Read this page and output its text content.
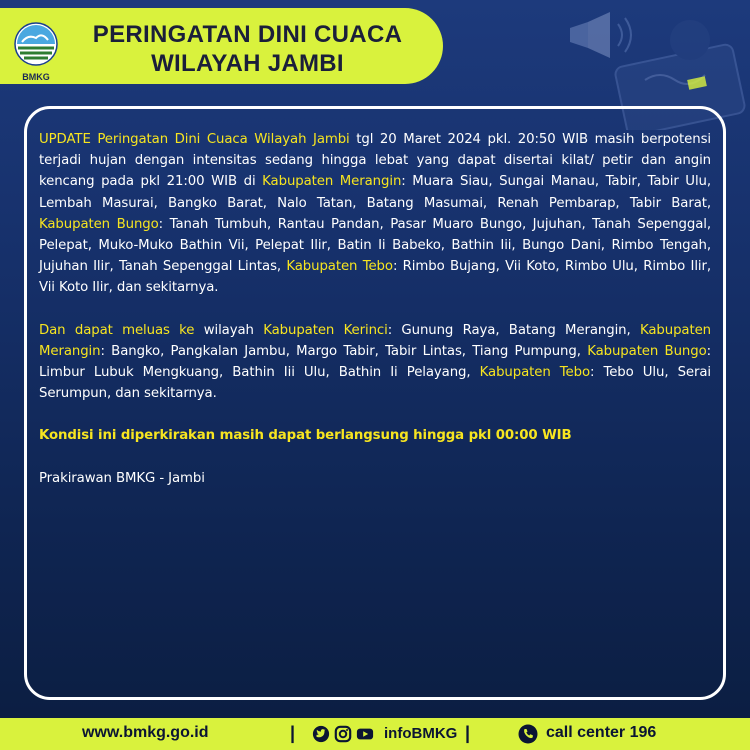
BMKG
PERINGATAN DINI CUACA
WILAYAH JAMBI

UPDATE Peringatan Dini Cuaca Wilayah Jambi tgl 20 Maret 2024 pkl. 20:50 WIB masih berpotensi terjadi hujan dengan intensitas sedang hingga lebat yang dapat disertai kilat/ petir dan angin kencang pada pkl 21:00 WIB di Kabupaten Merangin: Muara Siau, Sungai Manau, Tabir, Tabir Ulu, Lembah Masurai, Bangko Barat, Nalo Tatan, Batang Masumai, Renah Pembarap, Tabir Barat, Kabupaten Bungo: Tanah Tumbuh, Rantau Pandan, Pasar Muaro Bungo, Jujuhan, Tanah Sepenggal, Pelepat, Muko-Muko Bathin Vii, Pelepat Ilir, Batin Ii Babeko, Bathin Iii, Bungo Dani, Rimbo Tengah, Jujuhan Ilir, Tanah Sepenggal Lintas, Kabupaten Tebo: Rimbo Bujang, Vii Koto, Rimbo Ulu, Rimbo Ilir, Vii Koto Ilir, dan sekitarnya.

Dan dapat meluas ke wilayah Kabupaten Kerinci: Gunung Raya, Batang Merangin, Kabupaten Merangin: Bangko, Pangkalan Jambu, Margo Tabir, Tabir Lintas, Tiang Pumpung, Kabupaten Bungo: Limbur Lubuk Mengkuang, Bathin Iii Ulu, Bathin Ii Pelayang, Kabupaten Tebo: Tebo Ulu, Serai Serumpun, dan sekitarnya.

Kondisi ini diperkirakan masih dapat berlangsung hingga pkl 00:00 WIB

Prakirawan BMKG - Jambi

www.bmkg.go.id	|	infoBMKG |	call center 196
